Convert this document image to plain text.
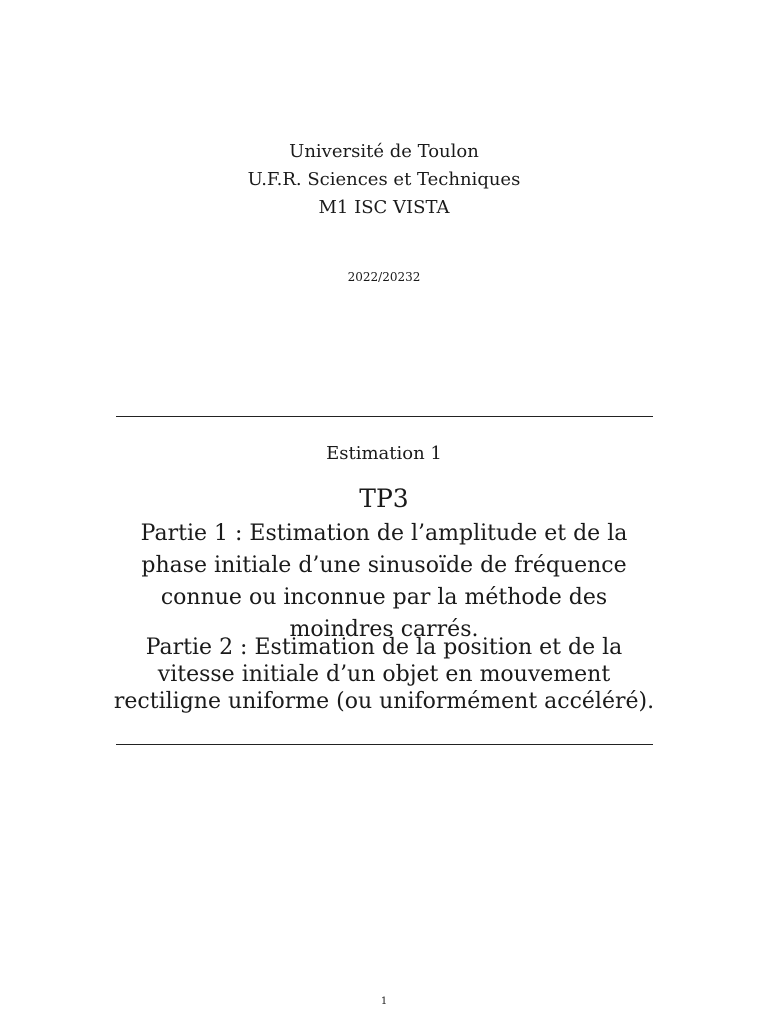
Université de Toulon
U.F.R. Sciences et Techniques
M1 ISC VISTA
2022/20232
Estimation 1
TP3
Partie 1 : Estimation de l’amplitude et de la phase initiale d’une sinusoïde de fréquence connue ou inconnue par la méthode des moindres carrés.
Partie 2 : Estimation de la position et de la vitesse initiale d’un objet en mouvement rectiligne uniforme (ou uniformément accéléré).
1
